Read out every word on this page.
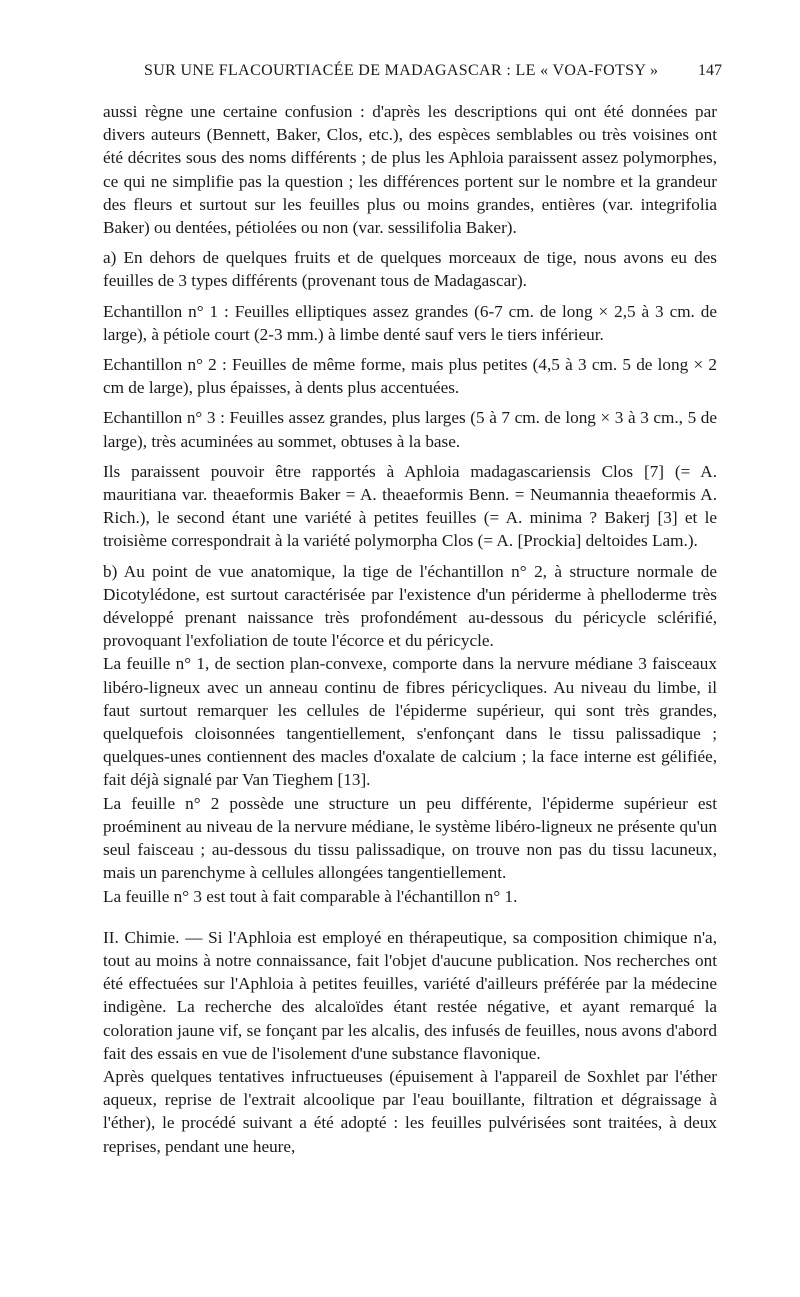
SUR UNE FLACOURTIACÉE DE MADAGASCAR : LE « VOA-FOTSY » 147

aussi règne une certaine confusion : d'après les descriptions qui ont été données par divers auteurs (Bennett, Baker, Clos, etc.), des espèces semblables ou très voisines ont été décrites sous des noms différents ; de plus les Aphloia paraissent assez polymorphes, ce qui ne simplifie pas la question ; les différences portent sur le nombre et la grandeur des fleurs et surtout sur les feuilles plus ou moins grandes, entières (var. integrifolia Baker) ou dentées, pétiolées ou non (var. sessilifolia Baker).

a) En dehors de quelques fruits et de quelques morceaux de tige, nous avons eu des feuilles de 3 types différents (provenant tous de Madagascar).

Echantillon n° 1 : Feuilles elliptiques assez grandes (6-7 cm. de long × 2,5 à 3 cm. de large), à pétiole court (2-3 mm.) à limbe denté sauf vers le tiers inférieur.

Echantillon n° 2 : Feuilles de même forme, mais plus petites (4,5 à 3 cm. 5 de long × 2 cm de large), plus épaisses, à dents plus accentuées.

Echantillon n° 3 : Feuilles assez grandes, plus larges (5 à 7 cm. de long × 3 à 3 cm., 5 de large), très acuminées au sommet, obtuses à la base.

Ils paraissent pouvoir être rapportés à Aphloia madagascariensis Clos [7] (= A. mauritiana var. theaeformis Baker = A. theaeformis Benn. = Neumannia theaeformis A. Rich.), le second étant une variété à petites feuilles (= A. minima ? Bakerj [3] et le troisième correspondrait à la variété polymorpha Clos (= A. [Prockia] deltoides Lam.).

b) Au point de vue anatomique, la tige de l'échantillon n° 2, à structure normale de Dicotylédone, est surtout caractérisée par l'existence d'un périderme à phelloderme très développé prenant naissance très profondément au-dessous du péricycle sclérifié, provoquant l'exfoliation de toute l'écorce et du péricycle.

La feuille n° 1, de section plan-convexe, comporte dans la nervure médiane 3 faisceaux libéro-ligneux avec un anneau continu de fibres péricycliques. Au niveau du limbe, il faut surtout remarquer les cellules de l'épiderme supérieur, qui sont très grandes, quelquefois cloisonnées tangentiellement, s'enfonçant dans le tissu palissadique ; quelques-unes contiennent des macles d'oxalate de calcium ; la face interne est gélifiée, fait déjà signalé par Van Tieghem [13].

La feuille n° 2 possède une structure un peu différente, l'épiderme supérieur est proéminent au niveau de la nervure médiane, le système libéro-ligneux ne présente qu'un seul faisceau ; au-dessous du tissu palissadique, on trouve non pas du tissu lacuneux, mais un parenchyme à cellules allongées tangentiellement.

La feuille n° 3 est tout à fait comparable à l'échantillon n° 1.

II. Chimie. — Si l'Aphloia est employé en thérapeutique, sa composition chimique n'a, tout au moins à notre connaissance, fait l'objet d'aucune publication. Nos recherches ont été effectuées sur l'Aphloia à petites feuilles, variété d'ailleurs préférée par la médecine indigène. La recherche des alcaloïdes étant restée négative, et ayant remarqué la coloration jaune vif, se fonçant par les alcalis, des infusés de feuilles, nous avons d'abord fait des essais en vue de l'isolement d'une substance flavonique.

Après quelques tentatives infructueuses (épuisement à l'appareil de Soxhlet par l'éther aqueux, reprise de l'extrait alcoolique par l'eau bouillante, filtration et dégraissage à l'éther), le procédé suivant a été adopté : les feuilles pulvérisées sont traitées, à deux reprises, pendant une heure,
